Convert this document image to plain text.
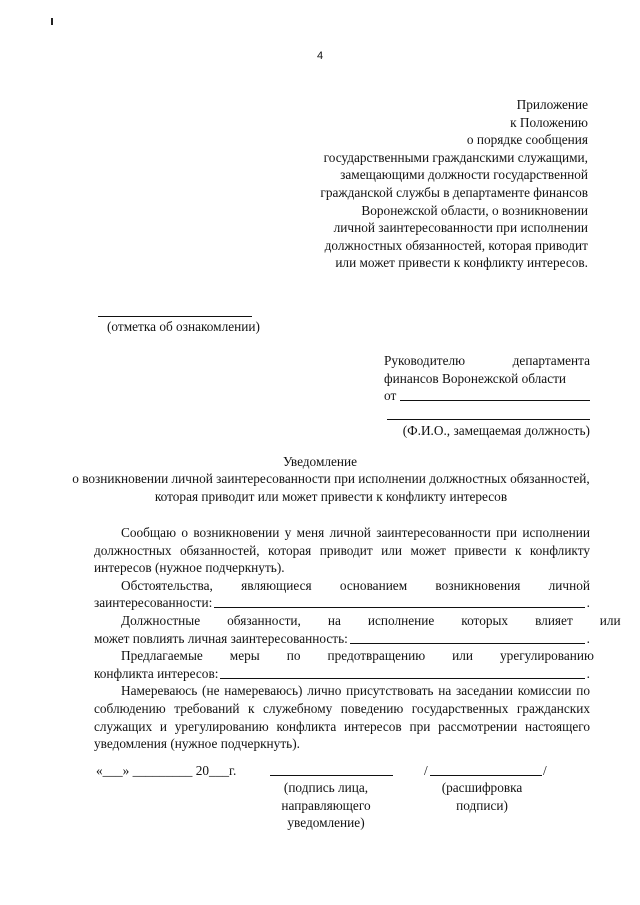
4
Приложение
к Положению
о порядке сообщения
государственными гражданскими служащими,
замещающими должности государственной
гражданской службы в департаменте финансов
Воронежской области, о возникновении
личной заинтересованности при исполнении
должностных обязанностей, которая приводит
или может привести к конфликту интересов.
(отметка об ознакомлении)
Руководителю	департамента
финансов Воронежской области
от
(Ф.И.О., замещаемая должность)
Уведомление
о возникновении личной заинтересованности при исполнении должностных обязанностей, которая приводит или может привести к конфликту интересов
Сообщаю о возникновении у меня личной заинтересованности при исполнении должностных обязанностей, которая приводит или может привести к конфликту интересов (нужное подчеркнуть).
Обстоятельства,	являющиеся	основанием	возникновения	личной
заинтересованности:	.
Должностные	обязанности,	на	исполнение	которых	влияет	или
может повлиять личная заинтересованность:	.
Предлагаемые	меры	по	предотвращению	или	урегулированию
конфликта интересов:	.
Намереваюсь (не намереваюсь) лично присутствовать на заседании комиссии по соблюдению требований к служебному поведению государственных гражданских служащих и урегулированию конфликта интересов при рассмотрении настоящего уведомления (нужное подчеркнуть).
«___» _________ 20___г.	/	/
(подпись лица, направляющего уведомление)
(расшифровка подписи)
